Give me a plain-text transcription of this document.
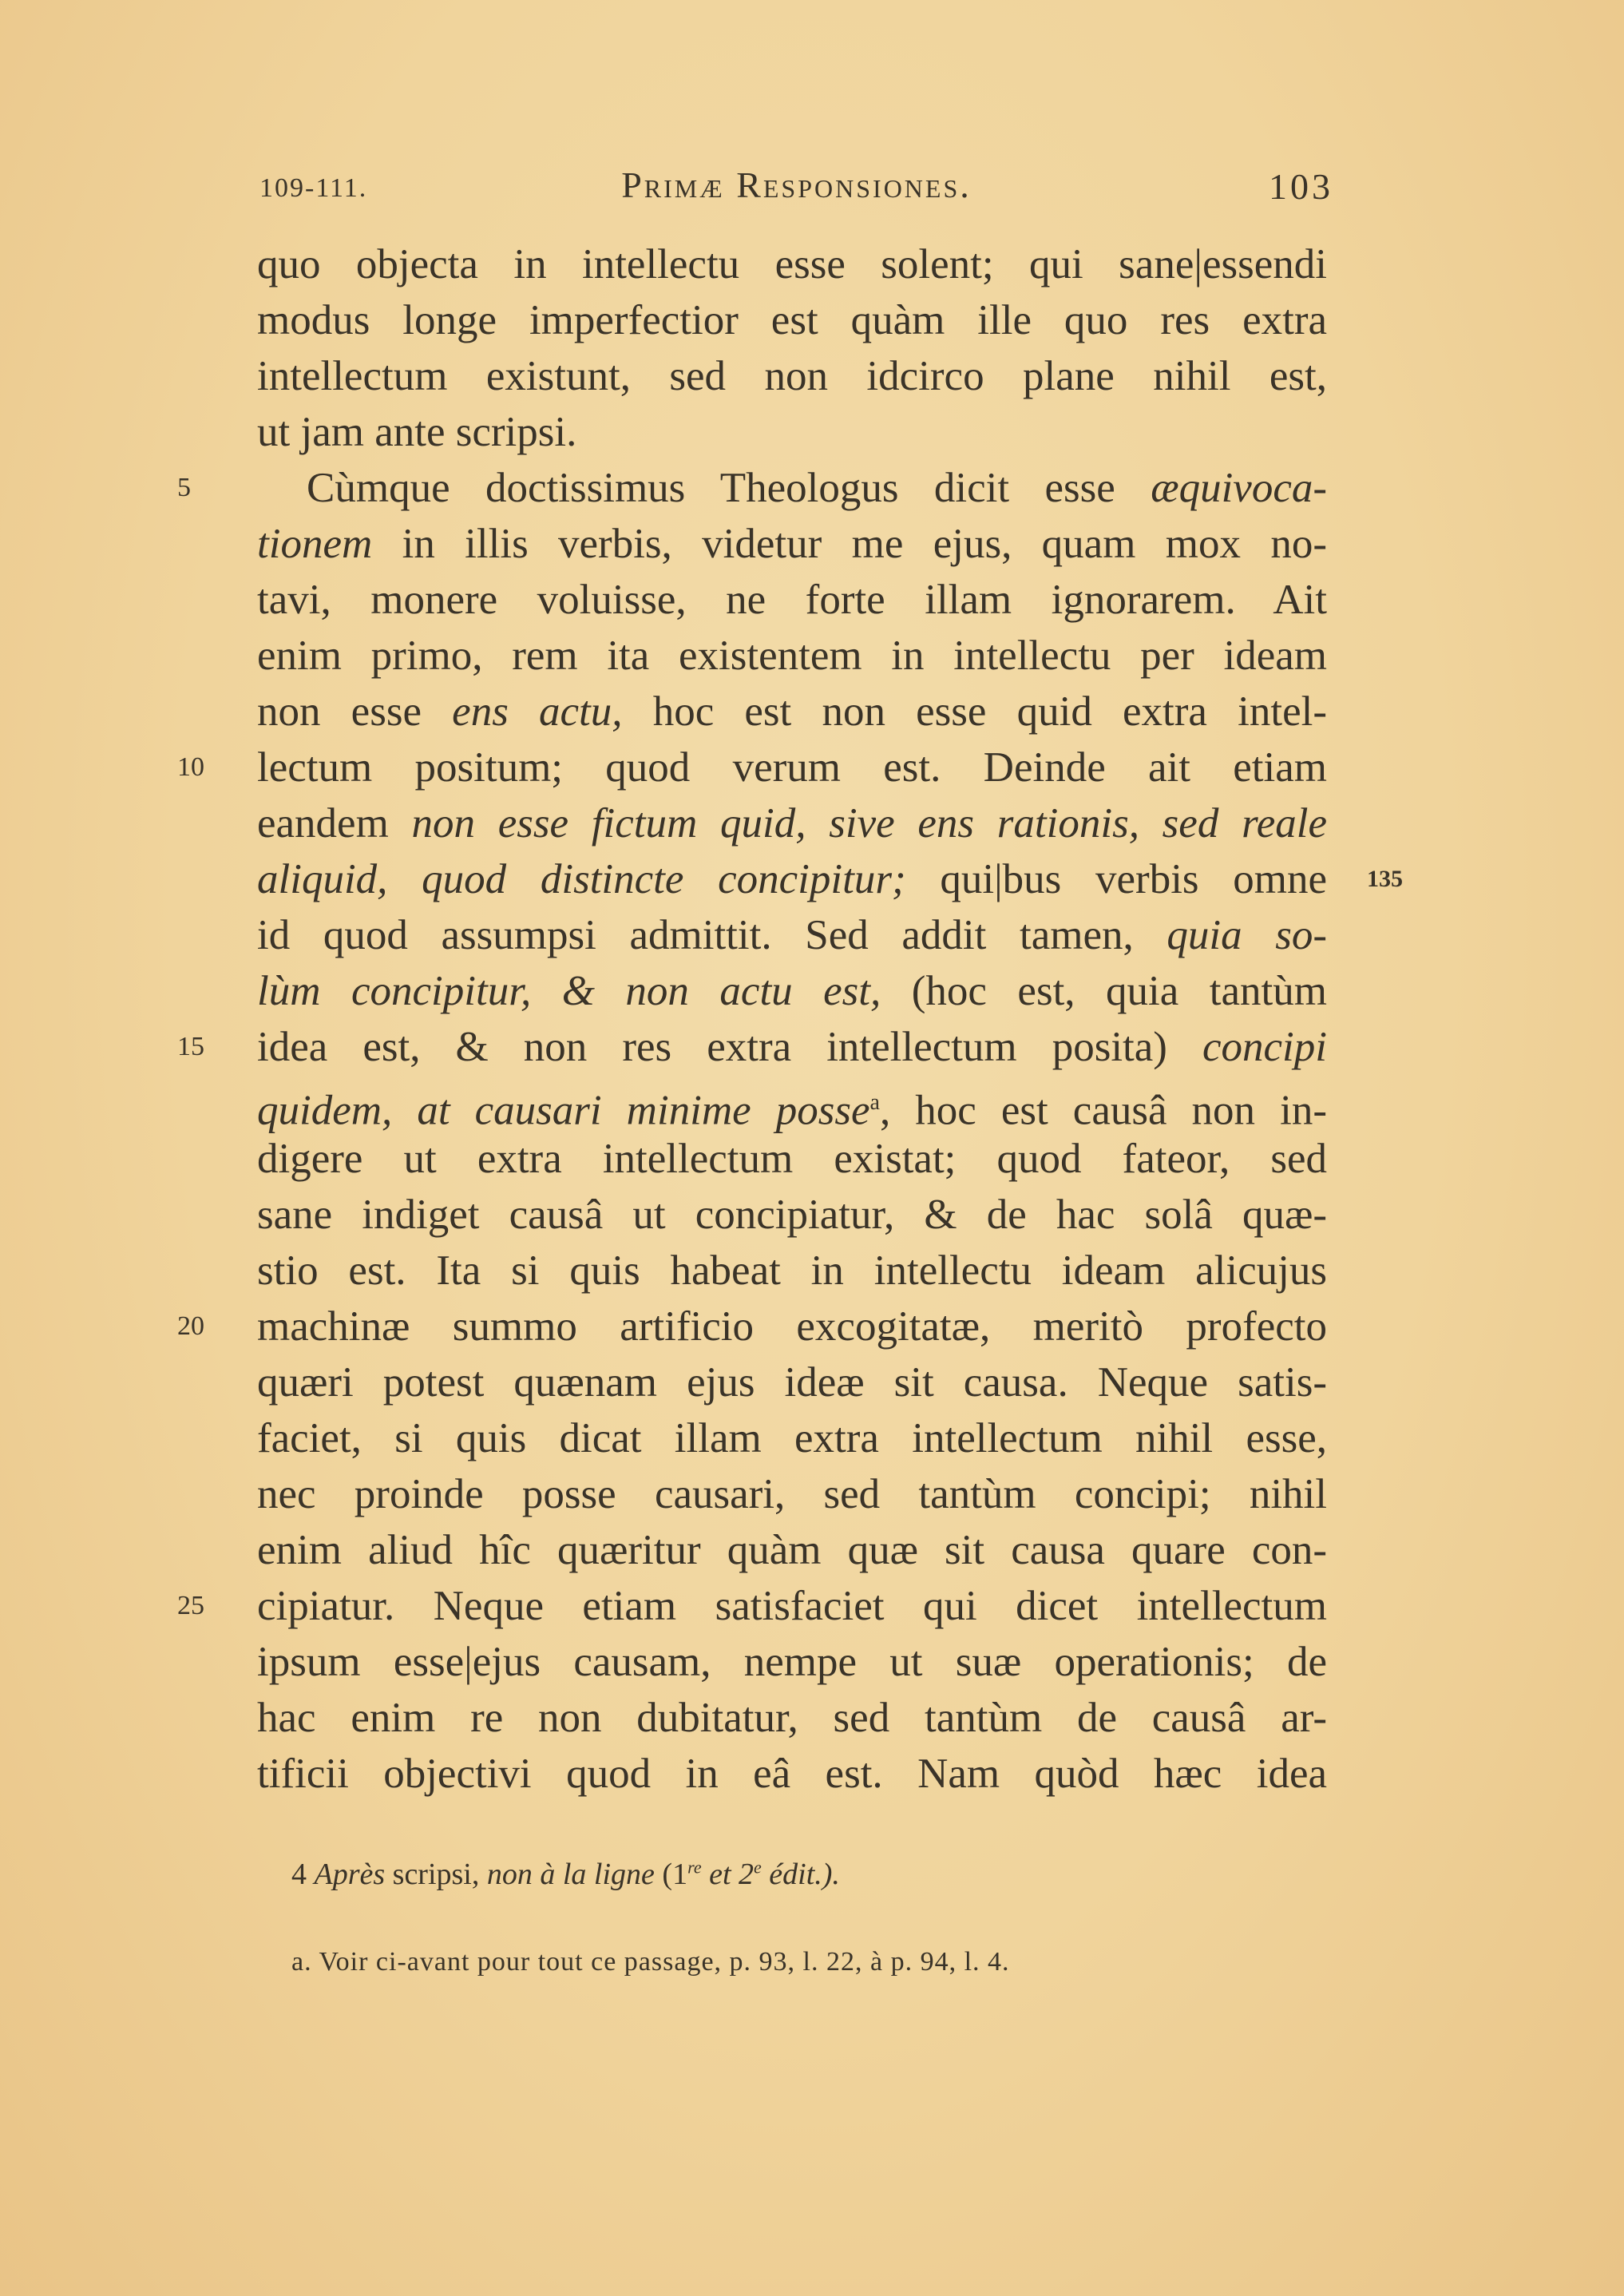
109-111.	Primæ Responsiones.	103
quo objecta in intellectu esse solent; qui sane|essendi
modus longe imperfectior est quàm ille quo res extra
intellectum existunt, sed non idcirco plane nihil est,
ut jam ante scripsi.
5	Cùmque doctissimus Theologus dicit esse æquivoca-
tionem in illis verbis, videtur me ejus, quam mox no-
tavi, monere voluisse, ne forte illam ignorarem. Ait
enim primo, rem ita existentem in intellectu per ideam
non esse ens actu, hoc est non esse quid extra intel-
10	lectum positum; quod verum est. Deinde ait etiam
eandem non esse fictum quid, sive ens rationis, sed reale
aliquid, quod distincte concipitur; qui|bus verbis omne 135
id quod assumpsi admittit. Sed addit tamen, quia so-
lùm concipitur, & non actu est, (hoc est, quia tantùm
15	idea est, & non res extra intellectum posita) concipi
quidem, at causari minime posse$^a$, hoc est causâ non in-
digere ut extra intellectum existat; quod fateor, sed
sane indiget causâ ut concipiatur, & de hac solâ quæ-
stio est. Ita si quis habeat in intellectu ideam alicujus
20	machinæ summo artificio excogitatæ, meritò profecto
quæri potest quænam ejus ideæ sit causa. Neque satis-
faciet, si quis dicat illam extra intellectum nihil esse,
nec proinde posse causari, sed tantùm concipi; nihil
enim aliud hîc quæritur quàm quæ sit causa quare con-
25	cipiatur. Neque etiam satisfaciet qui dicet intellectum
ipsum esse|ejus causam, nempe ut suæ operationis; de
hac enim re non dubitatur, sed tantùm de causâ ar-
tificii objectivi quod in eâ est. Nam quòd hæc idea
4 Après scripsi, non à la ligne (1re et 2e édit.).
a. Voir ci-avant pour tout ce passage, p. 93, l. 22, à p. 94, l. 4.
